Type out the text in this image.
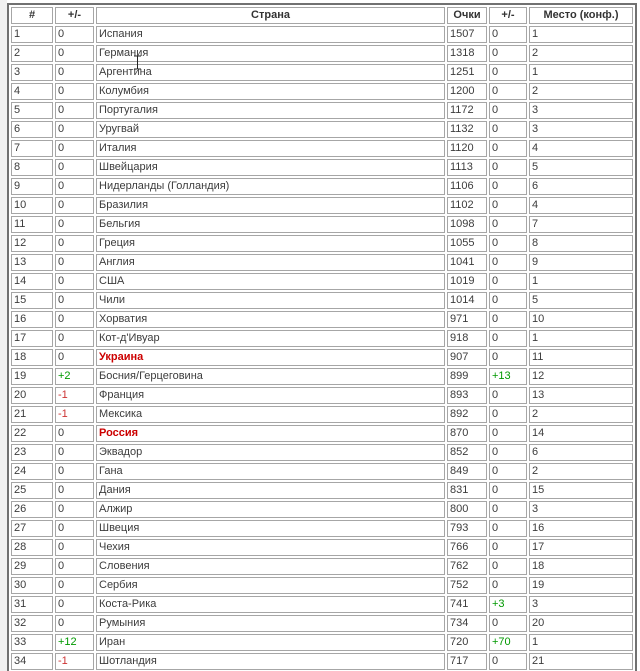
#	+/-	Страна	Очки	+/-	Место (конф.)
1	0	Испания	1507	0	1
2	0	Германия	1318	0	2
3	0	Аргентина	1251	0	1
4	0	Колумбия	1200	0	2
5	0	Португалия	1172	0	3
6	0	Уругвай	1132	0	3
7	0	Италия	1120	0	4
8	0	Швейцария	1113	0	5
9	0	Нидерланды (Голландия)	1106	0	6
10	0	Бразилия	1102	0	4
11	0	Бельгия	1098	0	7
12	0	Греция	1055	0	8
13	0	Англия	1041	0	9
14	0	США	1019	0	1
15	0	Чили	1014	0	5
16	0	Хорватия	971	0	10
17	0	Кот-д'Ивуар	918	0	1
18	0	Украина	907	0	11
19	+2	Босния/Герцеговина	899	+13	12
20	-1	Франция	893	0	13
21	-1	Мексика	892	0	2
22	0	Россия	870	0	14
23	0	Эквадор	852	0	6
24	0	Гана	849	0	2
25	0	Дания	831	0	15
26	0	Алжир	800	0	3
27	0	Швеция	793	0	16
28	0	Чехия	766	0	17
29	0	Словения	762	0	18
30	0	Сербия	752	0	19
31	0	Коста-Рика	741	+3	3
32	0	Румыния	734	0	20
33	+12	Иран	720	+70	1
34	-1	Шотландия	717	0	21
